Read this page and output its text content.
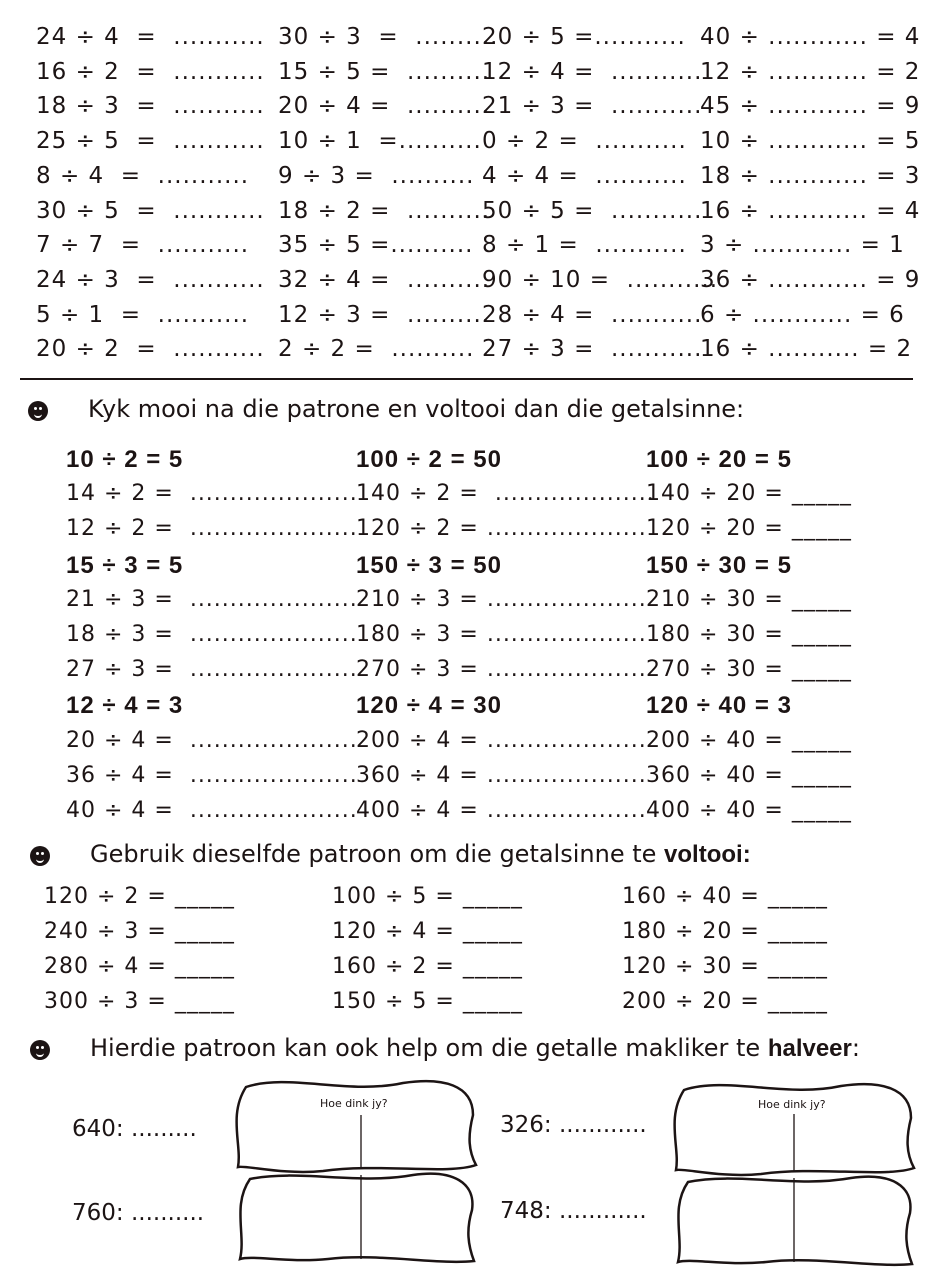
24 ÷ 4  =  ...........
16 ÷ 2  =  ...........
18 ÷ 3  =  ...........
25 ÷ 5  =  ...........
8 ÷ 4  =  ...........
30 ÷ 5  =  ...........
7 ÷ 7  =  ...........
24 ÷ 3  =  ...........
5 ÷ 1  =  ...........
20 ÷ 2  =  ...........
30 ÷ 3  =  ..........
15 ÷ 5 =  ..........
20 ÷ 4 =  ..........
10 ÷ 1  =..........
9 ÷ 3 =  ..........
18 ÷ 2 =  ..........
35 ÷ 5 =..........
32 ÷ 4 =  ..........
12 ÷ 3 =  ..........
2 ÷ 2 =  ..........
20 ÷ 5 =...........
12 ÷ 4 =  ...........
21 ÷ 3 =  ...........
0 ÷ 2 =  ...........
4 ÷ 4 =  ...........
50 ÷ 5 =  ...........
8 ÷ 1 =  ...........
90 ÷ 10 =  ...........
28 ÷ 4 =  ...........
27 ÷ 3 =  ...........
40 ÷ ............ = 4
12 ÷ ............ = 2
45 ÷ ............ = 9
10 ÷ ............ = 5
18 ÷ ............ = 3
16 ÷ ............ = 4
3 ÷ ............ = 1
36 ÷ ............ = 9
6 ÷ ............ = 6
16 ÷ ........... = 2
Kyk mooi na die patrone en voltooi dan die getalsinne:
10 ÷ 2 = 5
14 ÷ 2 =  .....................
12 ÷ 2 =  .....................
15 ÷ 3 = 5
21 ÷ 3 =  .....................
18 ÷ 3 =  .....................
27 ÷ 3 =  .....................
12 ÷ 4 = 3
20 ÷ 4 =  .....................
36 ÷ 4 =  .....................
40 ÷ 4 =  .....................
100 ÷ 2 = 50
140 ÷ 2 =  ....................
120 ÷ 2 = ....................
150 ÷ 3 = 50
210 ÷ 3 = ....................
180 ÷ 3 = ....................
270 ÷ 3 = ....................
120 ÷ 4 = 30
200 ÷ 4 = ....................
360 ÷ 4 = ....................
400 ÷ 4 = ....................
100 ÷ 20 = 5
140 ÷ 20 = _____
120 ÷ 20 = _____
150 ÷ 30 = 5
210 ÷ 30 = _____
180 ÷ 30 = _____
270 ÷ 30 = _____
120 ÷ 40 = 3
200 ÷ 40 = _____
360 ÷ 40 = _____
400 ÷ 40 = _____
Gebruik dieselfde patroon om die getalsinne te voltooi:
120 ÷ 2 = _____
240 ÷ 3 = _____
280 ÷ 4 = _____
300 ÷ 3 = _____
100 ÷ 5 = _____
120 ÷ 4 = _____
160 ÷ 2 = _____
150 ÷ 5 = _____
160 ÷ 40 = _____
180 ÷ 20 = _____
120 ÷ 30 = _____
200 ÷ 20 = _____
Hierdie patroon kan ook help om die getalle makliker te halveer:
640: .........
760: ..........
326: ............
748: ............
Hoe dink jy?	Hoe dink jy?
